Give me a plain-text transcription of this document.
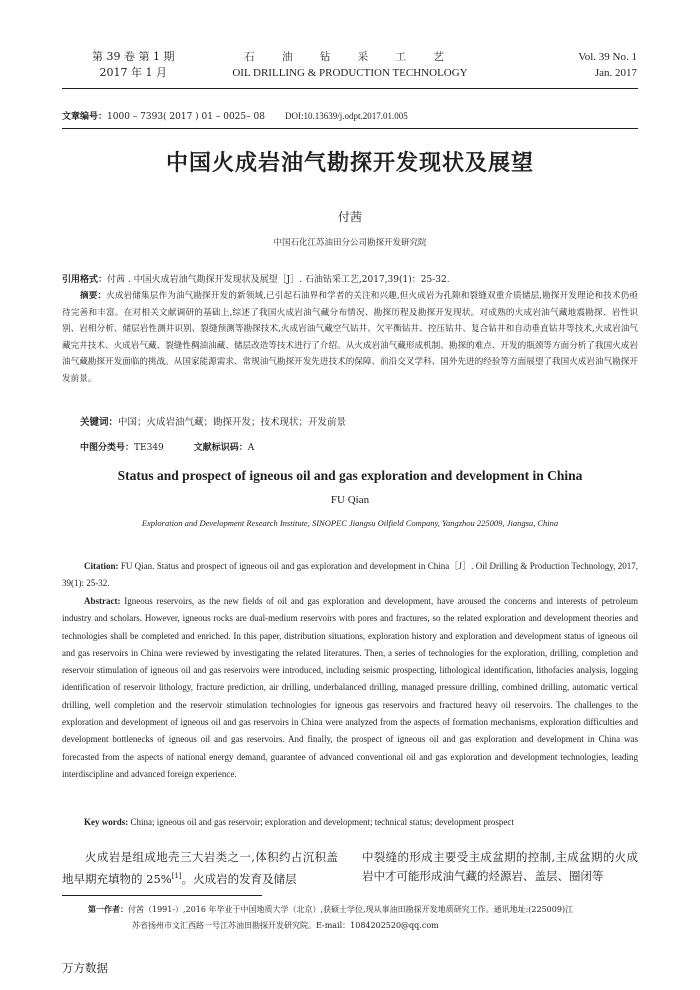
第 39 卷 第 1 期
2017 年 1 月
石 油 钻 采 工 艺
OIL DRILLING & PRODUCTION TECHNOLOGY
Vol. 39 No. 1
Jan. 2017
文章编号：1000 – 7393( 2017 ) 01 – 0025– 08 DOI:10.13639/j.odpt.2017.01.005
中国火成岩油气勘探开发现状及展望
付茜
中国石化江苏油田分公司勘探开发研究院
引用格式：付茜 . 中国火成岩油气勘探开发现状及展望［J］. 石油钻采工艺,2017,39(1)：25-32.
摘要：火成岩储集层作为油气勘探开发的新领域,已引起石油界和学者的关注和兴趣,但火成岩为孔隙和裂缝双重介质储层,勘探开发理论和技术仍亟待完善和丰富。在对相关文献调研的基础上,综述了我国火成岩油气藏分布情况、勘探历程及勘探开发现状。对成熟的火成岩油气藏地震勘探、岩性识别、岩相分析、储层岩性测井识别、裂缝预测等勘探技术,火成岩油气藏空气钻井、欠平衡钻井、控压钻井、复合钻井和自动垂直钻井等技术,火成岩油气藏完井技术、火成岩气藏、裂缝性稠油油藏、储层改造等技术进行了介绍。从火成岩油气藏形成机制、勘探的难点、开发的瓶颈等方面分析了我国火成岩油气藏勘探开发面临的挑战。从国家能源需求、常规油气勘探开发先进技术的保障、前沿交叉学科、国外先进的经验等方面展望了我国火成岩油气勘探开发前景。
关键词：中国；火成岩油气藏；勘探开发；技术现状；开发前景
中图分类号：TE349	文献标识码：A
Status and prospect of igneous oil and gas exploration and development in China
FU Qian
Exploration and Development Research Institute, SINOPEC Jiangsu Oilfield Company, Yangzhou 225009, Jiangsu, China
Citation: FU Qian. Status and prospect of igneous oil and gas exploration and development in China［J］. Oil Drilling & Production Technology, 2017, 39(1): 25-32.
Abstract: Igneous reservoirs, as the new fields of oil and gas exploration and development, have aroused the concerns and interests of petroleum industry and scholars. However, igneous rocks are dual-medium reservoirs with pores and fractures, so the related exploration and development theories and technologies shall be completed and enriched. In this paper, distribution situations, exploration history and exploration and development status of igneous oil and gas reservoirs in China were reviewed by investigating the related literatures. Then, a series of technologies for the exploration, drilling, completion and reservoir stimulation of igneous oil and gas reservoirs were introduced, including seismic prospecting, lithological identification, lithofacies analysis, logging identification of reservoir lithology, fracture prediction, air drilling, underbalanced drilling, managed pressure drilling, combined drilling, automatic vertical drilling, well completion and the reservoir stimulation technologies for igneous gas reservoirs and fractured heavy oil reservoirs. The challenges to the exploration and development of igneous oil and gas reservoirs in China were analyzed from the aspects of formation mechanisms, exploration difficulties and development bottlenecks of igneous oil and gas reservoirs. And finally, the prospect of igneous oil and gas exploration and development in China was forecasted from the aspects of national energy demand, guarantee of advanced conventional oil and gas exploration and development technologies, leading interdiscipline and advanced foreign experience.
Key words: China; igneous oil and gas reservoir; exploration and development; technical status; development prospect
火成岩是组成地壳三大岩类之一,体积约占沉积盖地早期充填物的 25%[1]。火成岩的发育及储层
中裂缝的形成主要受主成盆期的控制,主成盆期的火成岩中才可能形成油气藏的烃源岩、盖层、圈闭等
第一作者：付茜（1991-）,2016 年毕业于中国地质大学（北京）,获硕士学位,现从事油田勘探开发地质研究工作。通讯地址:(225009)江
苏省扬州市文汇西路一号江苏油田勘探开发研究院。E-mail：1084202520@qq.com
万方数据
